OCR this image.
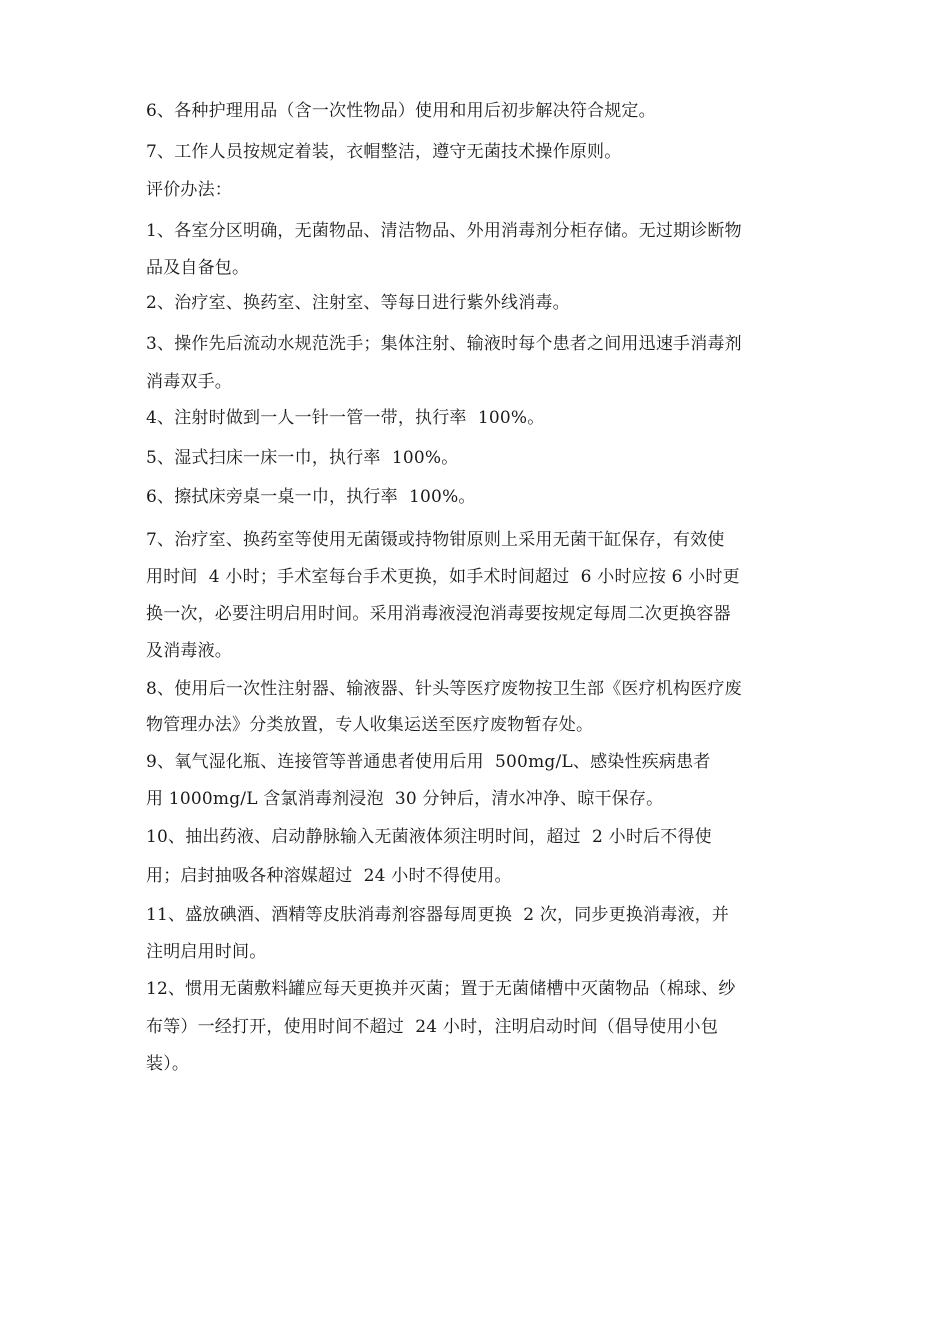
6、各种护理用品（含一次性物品）使用和用后初步解决符合规定。
7、工作人员按规定着装，衣帽整洁，遵守无菌技术操作原则。
评价办法：
1、各室分区明确，无菌物品、清洁物品、外用消毒剂分柜存储。无过期诊断物
品及自备包。
2、治疗室、换药室、注射室、等每日进行紫外线消毒。
3、操作先后流动水规范洗手；集体注射、输液时每个患者之间用迅速手消毒剂
消毒双手。
4、注射时做到一人一针一管一带，执行率  100%。
5、湿式扫床一床一巾，执行率  100%。
6、擦拭床旁桌一桌一巾，执行率  100%。
7、治疗室、换药室等使用无菌镊或持物钳原则上采用无菌干缸保存，有效使
用时间  4 小时；手术室每台手术更换，如手术时间超过  6 小时应按 6 小时更
换一次，必要注明启用时间。采用消毒液浸泡消毒要按规定每周二次更换容器
及消毒液。
8、使用后一次性注射器、输液器、针头等医疗废物按卫生部《医疗机构医疗废
物管理办法》分类放置，专人收集运送至医疗废物暂存处。
9、氧气湿化瓶、连接管等普通患者使用后用  500mg/L、感染性疾病患者
用 1000mg/L 含氯消毒剂浸泡  30 分钟后，清水冲净、晾干保存。
10、抽出药液、启动静脉输入无菌液体须注明时间，超过  2 小时后不得使
用；启封抽吸各种溶媒超过  24 小时不得使用。
11、盛放碘酒、酒精等皮肤消毒剂容器每周更换  2 次，同步更换消毒液，并
注明启用时间。
12、惯用无菌敷料罐应每天更换并灭菌；置于无菌储槽中灭菌物品（棉球、纱
布等）一经打开，使用时间不超过  24 小时，注明启动时间（倡导使用小包
装）。
